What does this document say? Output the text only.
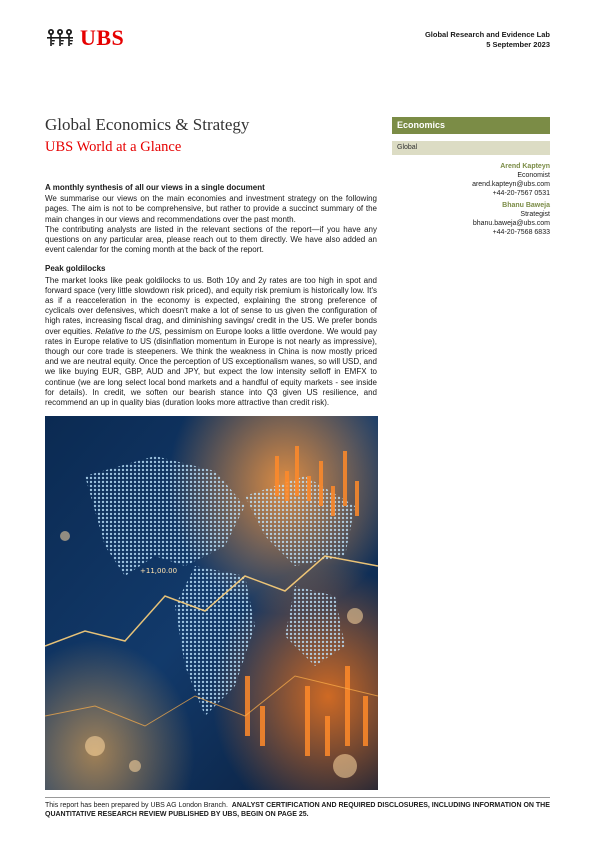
UBS	Global Research and Evidence Lab
5 September 2023
Global Economics & Strategy
UBS World at a Glance
Economics
Global
Arend Kapteyn
Economist
arend.kapteyn@ubs.com
+44-20-7567 0531
Bhanu Baweja
Strategist
bhanu.baweja@ubs.com
+44-20-7568 6833
A monthly synthesis of all our views in a single document

We summarise our views on the main economies and investment strategy on the following pages. The aim is not to be comprehensive, but rather to provide a succinct summary of the main changes in our views and recommendations over the past month.

The contributing analysts are listed in the relevant sections of the report—if you have any questions on any particular area, please reach out to them directly. We have also added an event calendar for the coming month at the back of the report.

Peak goldilocks

The market looks like peak goldilocks to us. Both 10y and 2y rates are too high in spot and forward space (very little slowdown risk priced), and equity risk premium is historically low. It's as if a reacceleration in the economy is expected, explaining the strong preference of cyclicals over defensives, which doesn't make a lot of sense to us given the configuration of high rates, increasing fiscal drag, and diminishing savings/ credit in the US. We prefer bonds over equities. Relative to the US, pessimism on Europe looks a little overdone. We would pay rates in Europe relative to US (disinflation momentum in Europe is not nearly as impressive), though our core trade is steepeners. We think the weakness in China is now mostly priced and we are neutral equity. Once the perception of US exceptionalism wanes, so will USD, and we like buying EUR, GBP, AUD and JPY, but expect the low intensity selloff in EMFX to continue (we are long select local bond markets and a handful of equity markets - see inside for details). In credit, we soften our bearish stance into Q3 given US resilience, and recommend an up in quality bias (duration looks more attractive than credit risk).

+11,00.00
This report has been prepared by UBS AG London Branch. ANALYST CERTIFICATION AND REQUIRED DISCLOSURES, INCLUDING INFORMATION ON THE QUANTITATIVE RESEARCH REVIEW PUBLISHED BY UBS, BEGIN ON PAGE 25.
